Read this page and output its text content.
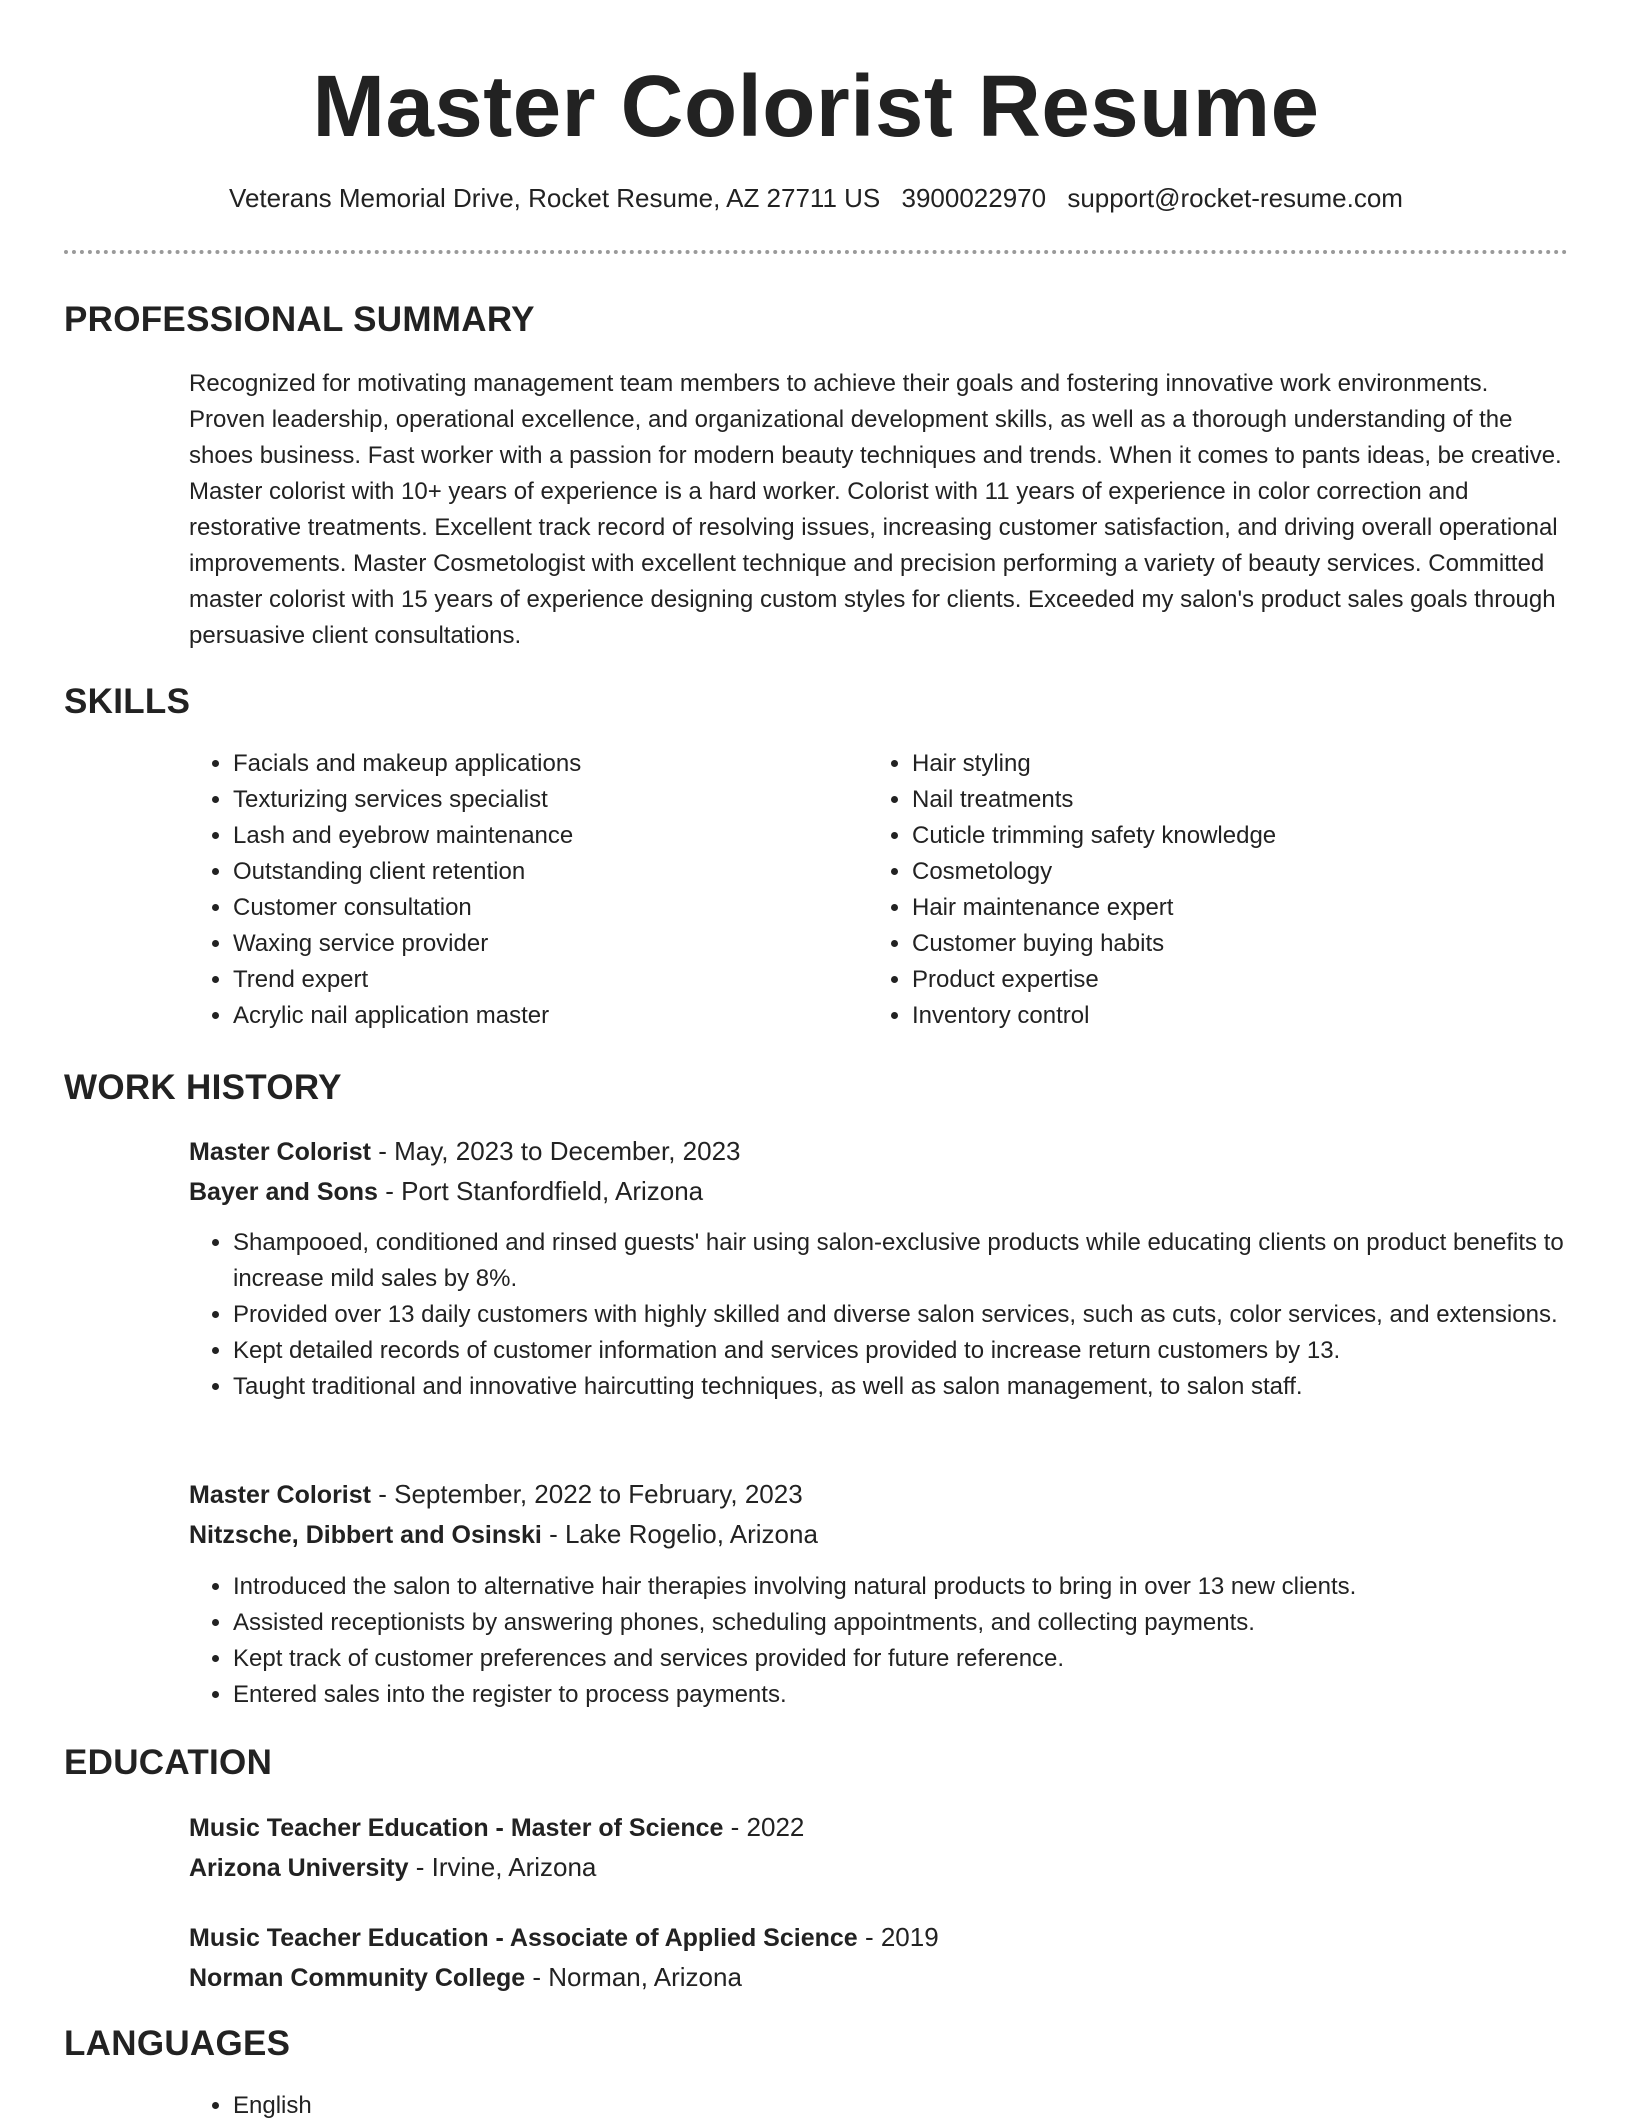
Master Colorist Resume
Veterans Memorial Drive, Rocket Resume, AZ 27711 US 3900022970 support@rocket-resume.com
PROFESSIONAL SUMMARY

Recognized for motivating management team members to achieve their goals and fostering innovative work environments. Proven leadership, operational excellence, and organizational development skills, as well as a thorough understanding of the shoes business. Fast worker with a passion for modern beauty techniques and trends. When it comes to pants ideas, be creative. Master colorist with 10+ years of experience is a hard worker. Colorist with 11 years of experience in color correction and restorative treatments. Excellent track record of resolving issues, increasing customer satisfaction, and driving overall operational improvements. Master Cosmetologist with excellent technique and precision performing a variety of beauty services. Committed master colorist with 15 years of experience designing custom styles for clients. Exceeded my salon's product sales goals through persuasive client consultations.

SKILLS
• Facials and makeup applications
• Texturizing services specialist
• Lash and eyebrow maintenance
• Outstanding client retention
• Customer consultation
• Waxing service provider
• Trend expert
• Acrylic nail application master
• Hair styling
• Nail treatments
• Cuticle trimming safety knowledge
• Cosmetology
• Hair maintenance expert
• Customer buying habits
• Product expertise
• Inventory control
WORK HISTORY
Master Colorist - May, 2023 to December, 2023
Bayer and Sons - Port Stanfordfield, Arizona
• Shampooed, conditioned and rinsed guests' hair using salon-exclusive products while educating clients on product benefits to increase mild sales by 8%.
• Provided over 13 daily customers with highly skilled and diverse salon services, such as cuts, color services, and extensions.
• Kept detailed records of customer information and services provided to increase return customers by 13.
• Taught traditional and innovative haircutting techniques, as well as salon management, to salon staff.
Master Colorist - September, 2022 to February, 2023
Nitzsche, Dibbert and Osinski - Lake Rogelio, Arizona
• Introduced the salon to alternative hair therapies involving natural products to bring in over 13 new clients.
• Assisted receptionists by answering phones, scheduling appointments, and collecting payments.
• Kept track of customer preferences and services provided for future reference.
• Entered sales into the register to process payments.
EDUCATION
Music Teacher Education - Master of Science - 2022
Arizona University - Irvine, Arizona
Music Teacher Education - Associate of Applied Science - 2019
Norman Community College - Norman, Arizona
LANGUAGES
• English
